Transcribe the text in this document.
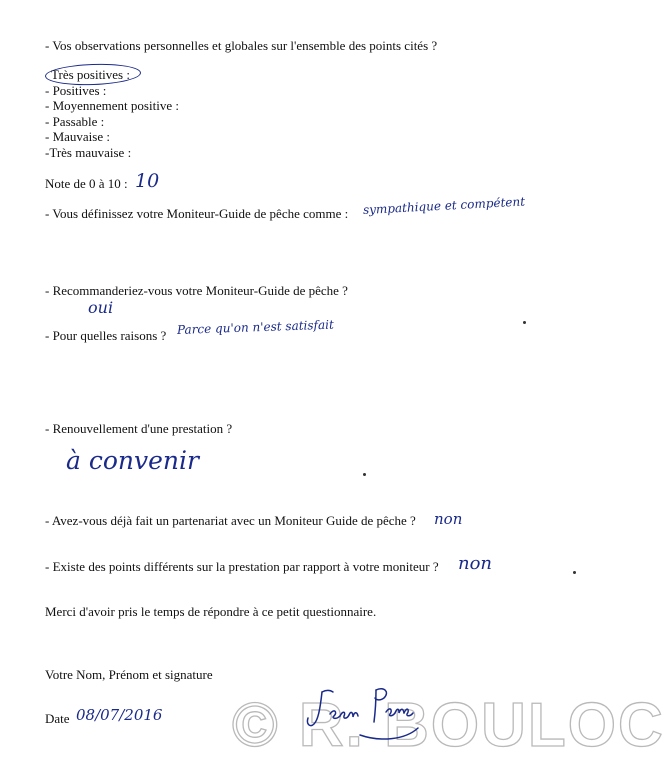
- Vos observations personnelles et globales sur l'ensemble des points cités ?
Très positives :
- Positives :
- Moyennement positive :
- Passable :
- Mauvaise :
-Très mauvaise :
Note de 0 à 10 : 10
- Vous définissez votre Moniteur-Guide de pêche comme : sympathique et compétent
- Recommanderiez-vous votre Moniteur-Guide de pêche ?
oui
- Pour quelles raisons ? Parce qu'on n'est satisfait
- Renouvellement d'une prestation ?
à convenir
- Avez-vous déjà fait un partenariat avec un Moniteur Guide de pêche ? non
- Existe des points différents sur la prestation par rapport à votre moniteur ? non
Merci d'avoir pris le temps de répondre à ce petit questionnaire.
Votre Nom, Prénom et signature
© R. BOULOC
Date 08/07/2016
